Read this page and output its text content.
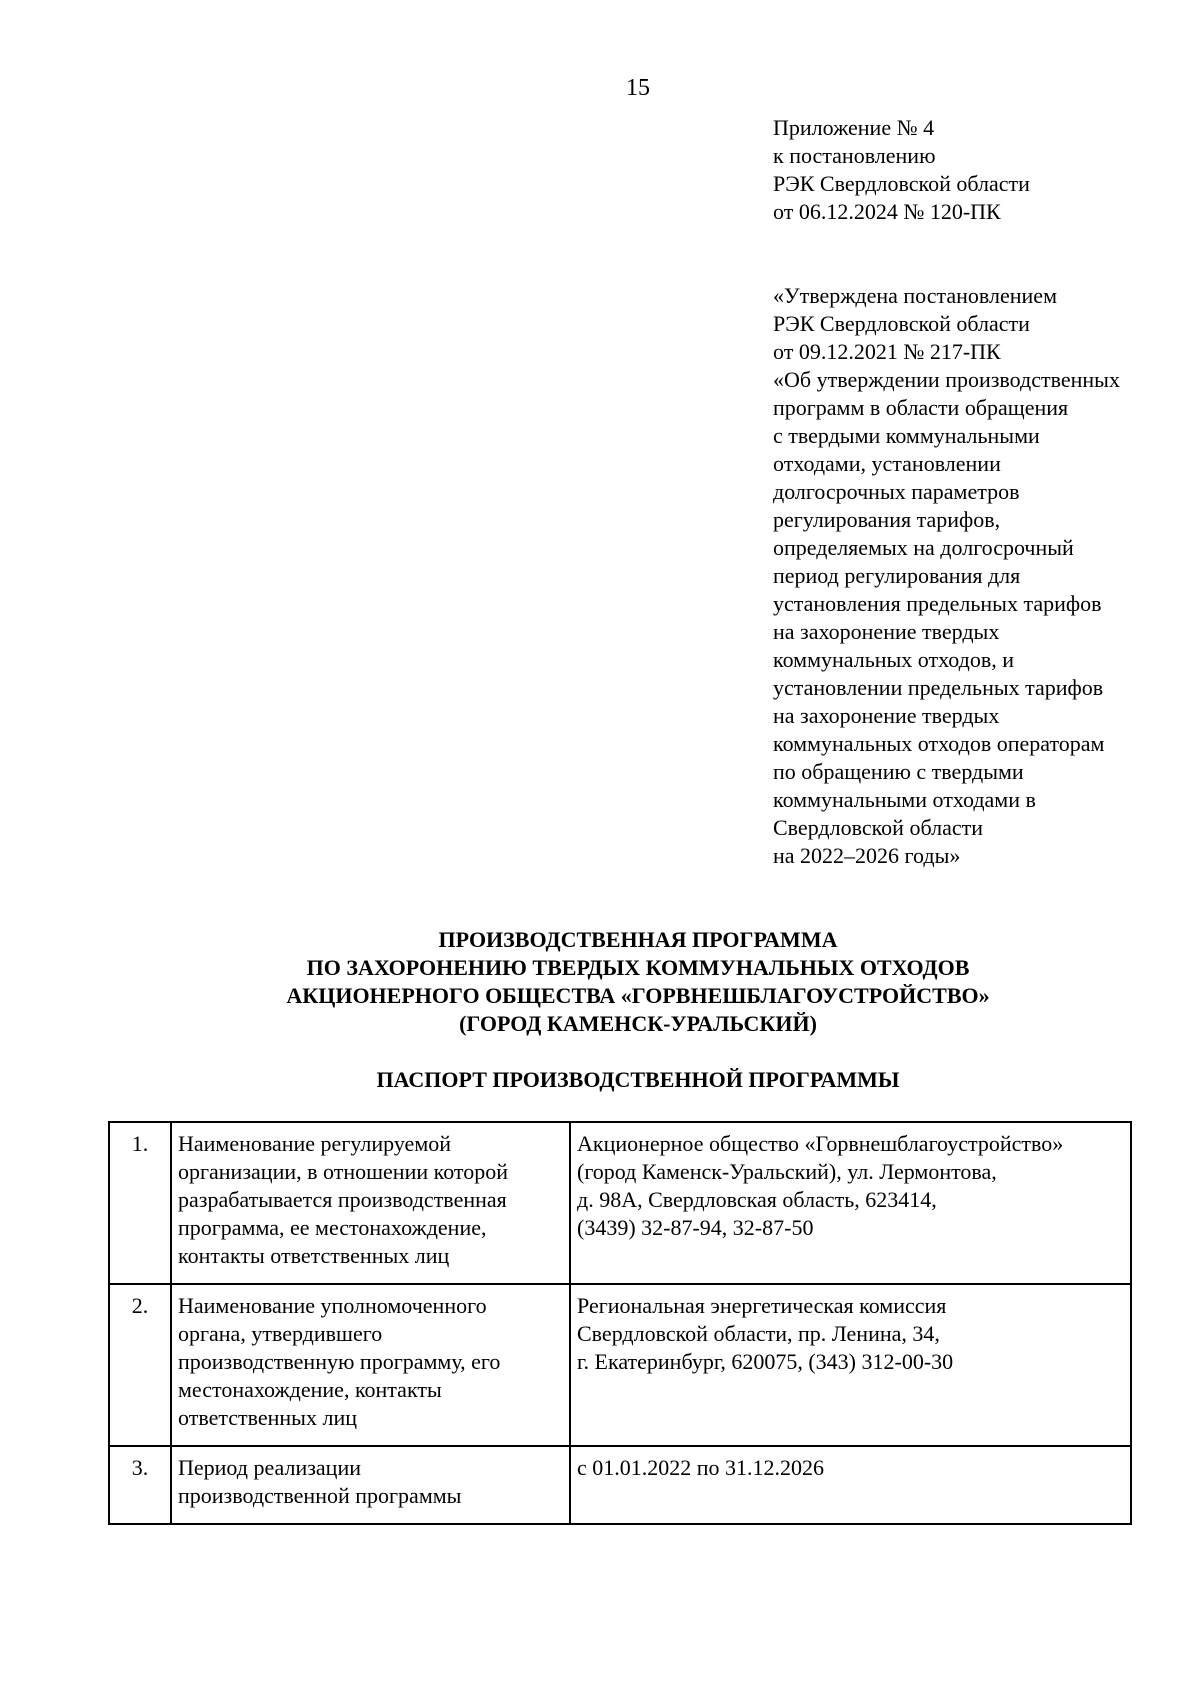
15
Приложение № 4
к постановлению
РЭК Свердловской области
от 06.12.2024 № 120-ПК
«Утверждена постановлением
РЭК Свердловской области
от 09.12.2021 № 217-ПК
«Об утверждении производственных
программ в области обращения
с твердыми коммунальными
отходами, установлении
долгосрочных параметров
регулирования тарифов,
определяемых на долгосрочный
период регулирования для
установления предельных тарифов
на захоронение твердых
коммунальных отходов, и
установлении предельных тарифов
на захоронение твердых
коммунальных отходов операторам
по обращению с твердыми
коммунальными отходами в
Свердловской области
на 2022–2026 годы»
ПРОИЗВОДСТВЕННАЯ ПРОГРАММА
ПО ЗАХОРОНЕНИЮ ТВЕРДЫХ КОММУНАЛЬНЫХ ОТХОДОВ
АКЦИОНЕРНОГО ОБЩЕСТВА «ГОРВНЕШБЛАГОУСТРОЙСТВО»
(ГОРОД КАМЕНСК-УРАЛЬСКИЙ)
ПАСПОРТ ПРОИЗВОДСТВЕННОЙ ПРОГРАММЫ
1.	Наименование регулируемой
организации, в отношении которой
разрабатывается производственная
программа, ее местонахождение,
контакты ответственных лиц	Акционерное общество «Горвнешблагоустройство»
(город Каменск-Уральский), ул. Лермонтова,
д. 98А, Свердловская область, 623414,
(3439) 32-87-94, 32-87-50

2.	Наименование уполномоченного
органа, утвердившего
производственную программу, его
местонахождение, контакты
ответственных лиц	Региональная энергетическая комиссия
Свердловской области, пр. Ленина, 34,
г. Екатеринбург, 620075, (343) 312-00-30

3.	Период реализации
производственной программы	с 01.01.2022 по 31.12.2026
